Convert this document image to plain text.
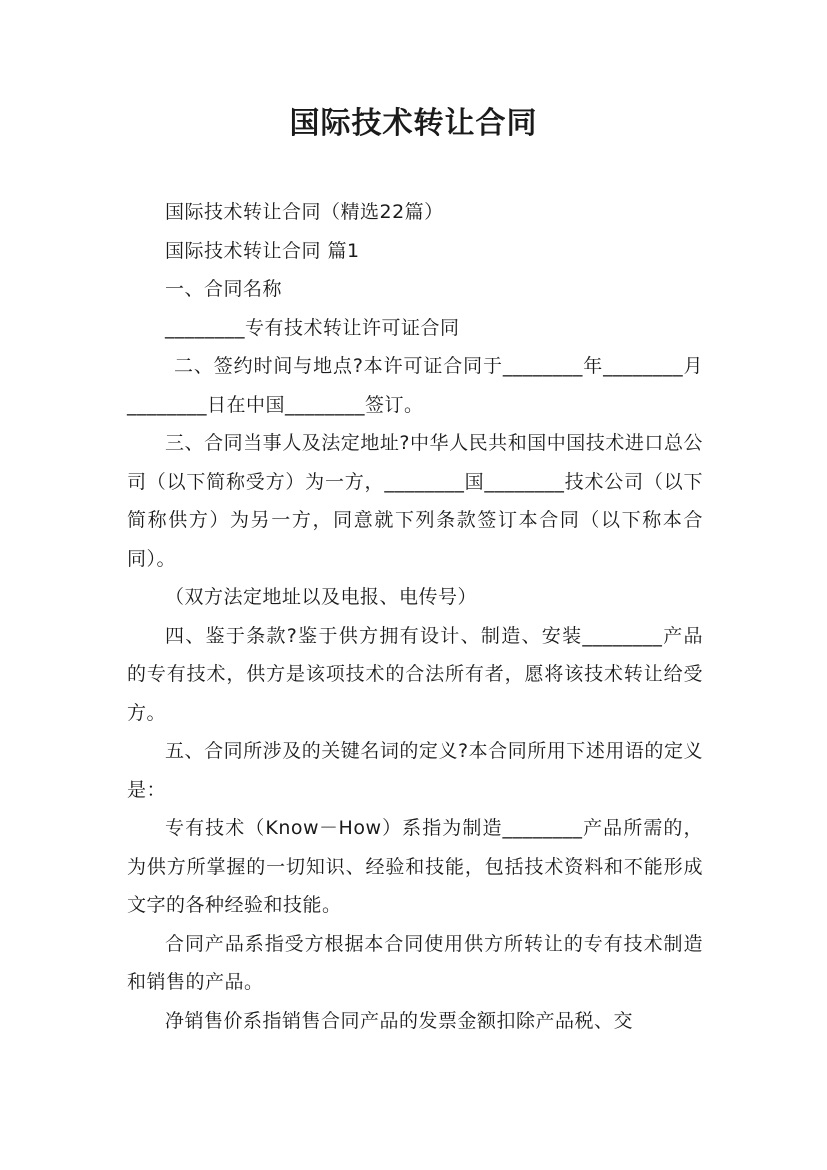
国际技术转让合同

国际技术转让合同（精选22篇）

国际技术转让合同 篇1

一、合同名称

________专有技术转让许可证合同

二、签约时间与地点?本许可证合同于________年________月________日在中国________签订。

三、合同当事人及法定地址?中华人民共和国中国技术进口总公司（以下简称受方）为一方，________国________技术公司（以下简称供方）为另一方，同意就下列条款签订本合同（以下称本合同）。

（双方法定地址以及电报、电传号）

四、鉴于条款?鉴于供方拥有设计、制造、安装________产品的专有技术，供方是该项技术的合法所有者，愿将该技术转让给受方。

五、合同所涉及的关键名词的定义?本合同所用下述用语的定义是：

专有技术（Know－How）系指为制造________产品所需的，为供方所掌握的一切知识、经验和技能，包括技术资料和不能形成文字的各种经验和技能。

合同产品系指受方根据本合同使用供方所转让的专有技术制造和销售的产品。

净销售价系指销售合同产品的发票金额扣除产品税、交
